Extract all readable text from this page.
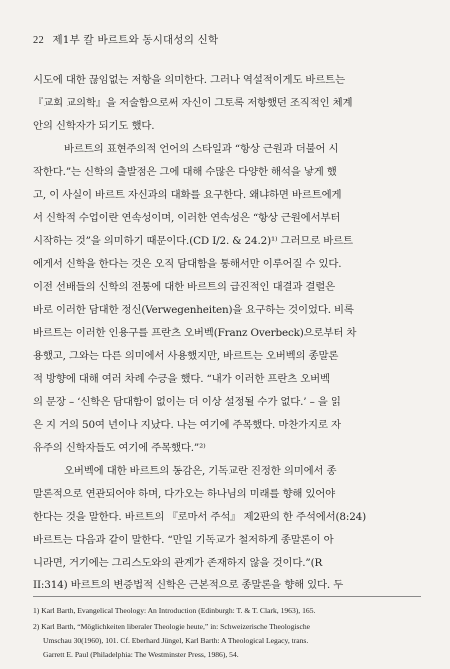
22 제1부 칼 바르트와 동시대성의 신학
시도에 대한 끊임없는 저항을 의미한다. 그러나 역설적이게도 바르트는
『교회 교의학』을 저술함으로써 자신이 그토록 저항했던 조직적인 체계
안의 신학자가 되기도 했다.
바르트의 표현주의적 언어의 스타일과 “항상 근원과 더불어 시
작한다.”는 신학의 출발점은 그에 대해 수많은 다양한 해석을 낳게 했
고, 이 사실이 바르트 자신과의 대화를 요구한다. 왜냐하면 바르트에게
서 신학적 수업이란 연속성이며, 이러한 연속성은 “항상 근원에서부터
시작하는 것”을 의미하기 때문이다.(CD I/2. & 24.2)¹⁾ 그러므로 바르트
에게서 신학을 한다는 것은 오직 담대함을 통해서만 이루어질 수 있다.
이전 선배들의 신학의 전통에 대한 바르트의 급진적인 대결과 결렬은
바로 이러한 담대한 정신(Verwegenheiten)을 요구하는 것이었다. 비록
바르트는 이러한 인용구를 프란츠 오버벡(Franz Overbeck)으로부터 차
용했고, 그와는 다른 의미에서 사용했지만, 바르트는 오버벡의 종말론
적 방향에 대해 여러 차례 수긍을 했다. “내가 이러한 프란츠 오버벡
의 문장 – ‘신학은 담대함이 없이는 더 이상 설정될 수가 없다.’ – 을 읽
은 지 거의 50여 년이나 지났다. 나는 여기에 주목했다. 마찬가지로 자
유주의 신학자들도 여기에 주목했다.”²⁾
오버벡에 대한 바르트의 동감은, 기독교란 진정한 의미에서 종
말론적으로 연관되어야 하며, 다가오는 하나님의 미래를 향해 있어야
한다는 것을 말한다. 바르트의 『로마서 주석』 제2판의 한 주석에서(8:24)
바르트는 다음과 같이 말한다. “만일 기독교가 철저하게 종말론이 아
니라면, 거기에는 그리스도와의 관계가 존재하지 않을 것이다.”(R
II:314) 바르트의 변증법적 신학은 근본적으로 종말론을 향해 있다. 두
1) Karl Barth, Evangelical Theology: An Introduction (Edinburgh: T. & T. Clark, 1963), 165.
2) Karl Barth, “Möglichkeiten liberaler Theologie heute,” in: Schweizerische Theologische
Umschau 30(1960), 101. Cf. Eberhard Jüngel, Karl Barth: A Theological Legacy, trans.
Garrett E. Paul (Philadelphia: The Westminster Press, 1986), 54.
